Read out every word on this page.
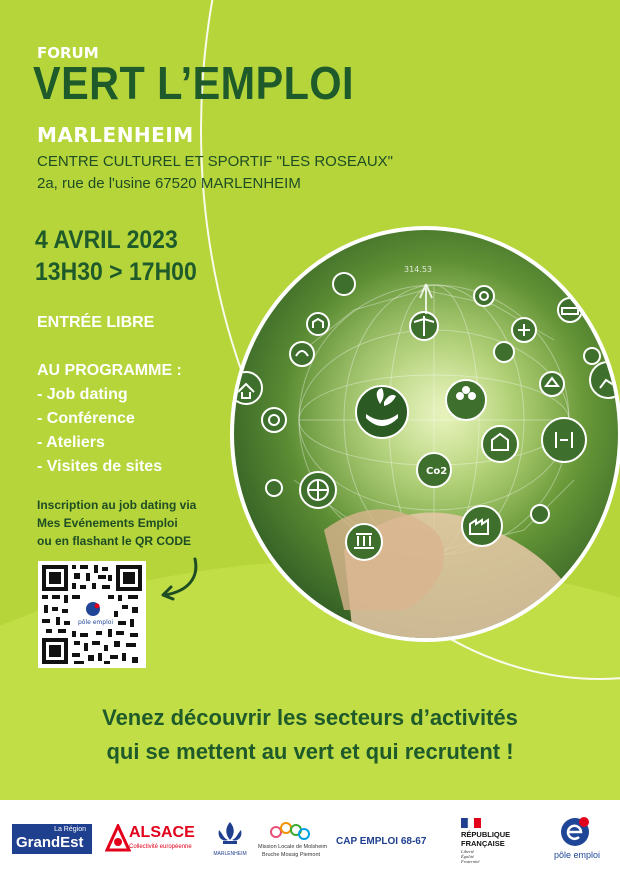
FORUM
VERT L’EMPLOI
MARLENHEIM
CENTRE CULTUREL ET SPORTIF "LES ROSEAUX"
2a, rue de l'usine 67520 MARLENHEIM
4 AVRIL 2023
13H30 > 17H00
ENTRÉE LIBRE
AU PROGRAMME :
- Job dating
- Conférence
- Ateliers
- Visites de sites
Inscription au job dating via
Mes Evénements Emploi
ou en flashant le QR CODE
pôle emploi
314.53
Co2
Venez découvrir les secteurs d’activités
qui se mettent au vert et qui recrutent !
La Région
GrandEst
ALSACE
Collectivité européenne
MARLENHEIM
Mission Locale de Molsheim
Bruche Mossig Piemont
CAP EMPLOI 68-67
RÉPUBLIQUE
FRANÇAISE
Liberté
Égalité
Fraternité
pôle emploi
